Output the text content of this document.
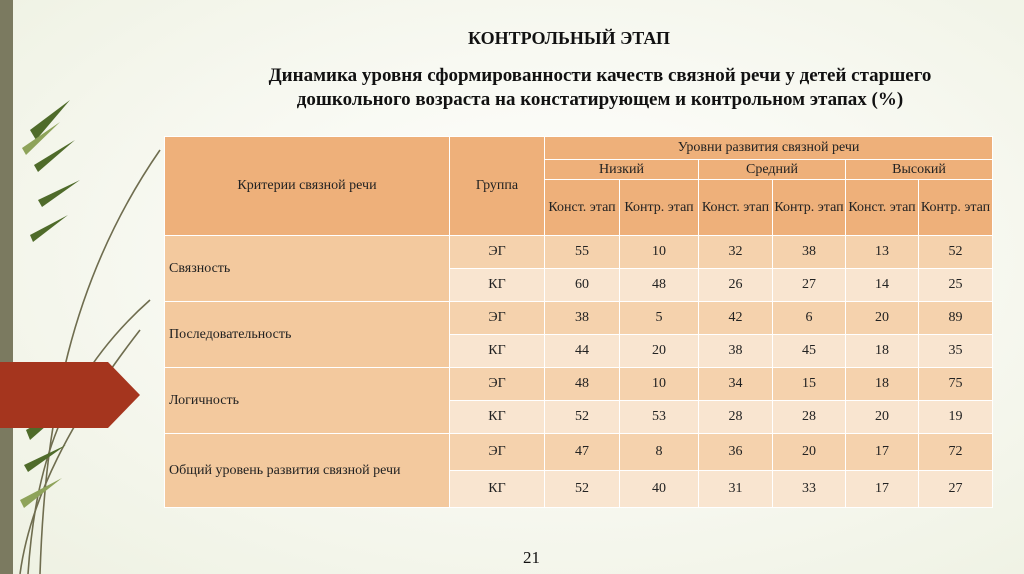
КОНТРОЛЬНЫЙ ЭТАП
Динамика уровня сформированности качеств связной речи у детей старшего дошкольного возраста на констатирующем и контрольном этапах (%)
Критерии связной речи	Группа	Уровни развития связной речи					
		Низкий		Средний		Высокий	
		Конст. этап	Контр. этап	Конст. этап	Контр. этап	Конст. этап	Контр. этап
Связность	ЭГ	55	10	32	38	13	52
	КГ	60	48	26	27	14	25
Последовательность	ЭГ	38	5	42	6	20	89
	КГ	44	20	38	45	18	35
Логичность	ЭГ	48	10	34	15	18	75
	КГ	52	53	28	28	20	19
Общий уровень развития связной речи	ЭГ	47	8	36	20	17	72
	КГ	52	40	31	33	17	27
21
